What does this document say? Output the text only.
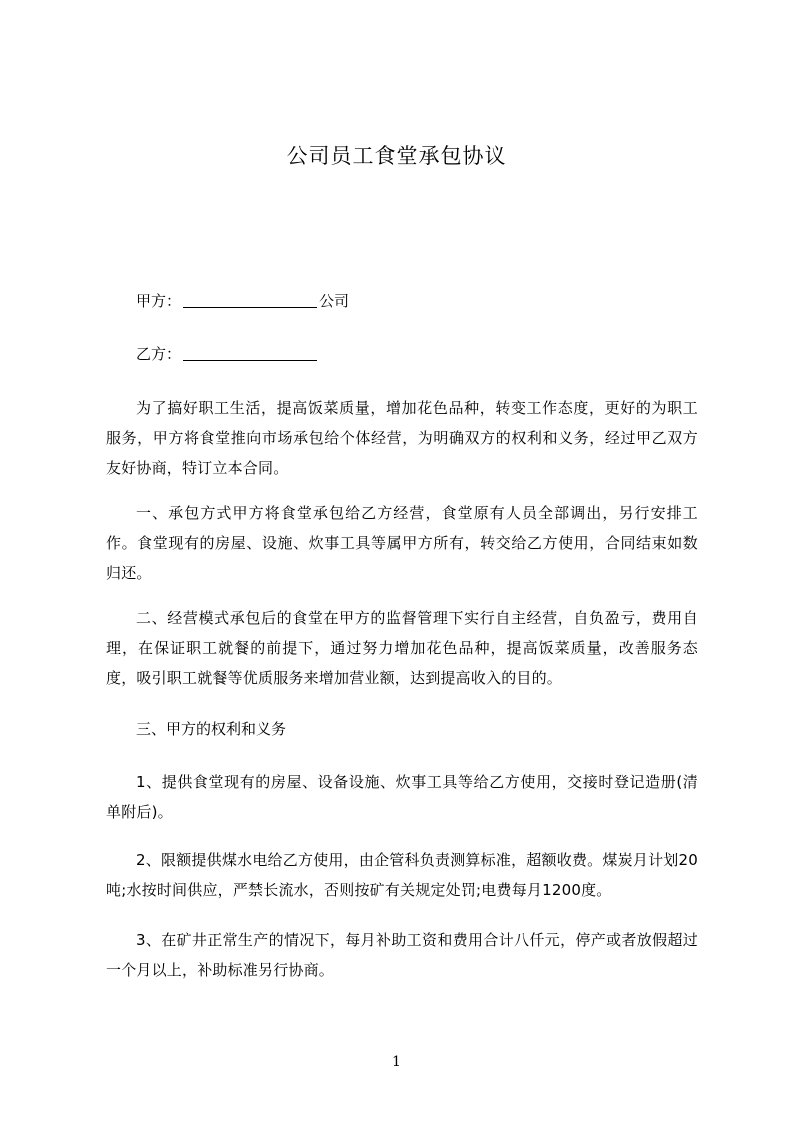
公司员工食堂承包协议
甲方：	公司
乙方：
为了搞好职工生活，提高饭菜质量，增加花色品种，转变工作态度，更好的为职工服务，甲方将食堂推向市场承包给个体经营，为明确双方的权利和义务，经过甲乙双方友好协商，特订立本合同。
一、承包方式甲方将食堂承包给乙方经营，食堂原有人员全部调出，另行安排工作。食堂现有的房屋、设施、炊事工具等属甲方所有，转交给乙方使用，合同结束如数归还。
二、经营模式承包后的食堂在甲方的监督管理下实行自主经营，自负盈亏，费用自理，在保证职工就餐的前提下，通过努力增加花色品种，提高饭菜质量，改善服务态度，吸引职工就餐等优质服务来增加营业额，达到提高收入的目的。
三、甲方的权利和义务
1、提供食堂现有的房屋、设备设施、炊事工具等给乙方使用，交接时登记造册(清单附后)。
2、限额提供煤水电给乙方使用，由企管科负责测算标准，超额收费。煤炭月计划20吨;水按时间供应，严禁长流水，否则按矿有关规定处罚;电费每月1200度。
3、在矿井正常生产的情况下，每月补助工资和费用合计八仟元，停产或者放假超过一个月以上，补助标准另行协商。
1
